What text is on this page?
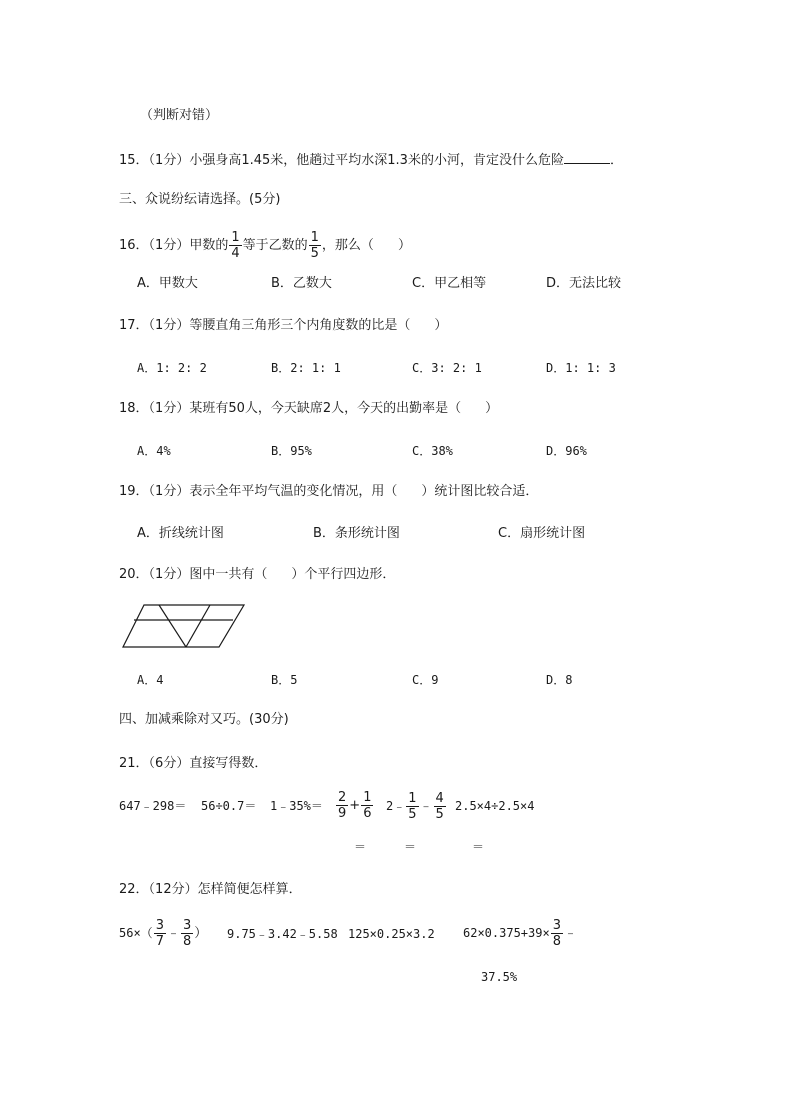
（判断对错）
15．（1分）小强身高1.45米，他趟过平均水深1.3米的小河，肯定没什么危险	．
三、众说纷纭请选择。(5分)
16．（1分）甲数的 $\frac{1}{4}$ 等于乙数的 $\frac{1}{5}$ ，那么（ ）
A．甲数大	B．乙数大	C．甲乙相等	D．无法比较
17．（1分）等腰直角三角形三个内角度数的比是（ ）
A．1: 2: 2	B．2: 1: 1	C．3: 2: 1	D．1: 1: 3
18．（1分）某班有50人，今天缺席2人，今天的出勤率是（ ）
A．4%	B．95%	C．38%	D．96%
19．（1分）表示全年平均气温的变化情况，用（ ）统计图比较合适．
A．折线统计图	B．条形统计图	C．扇形统计图
20．（1分）图中一共有（ ）个平行四边形．
A．4	B．5	C．9	D．8
四、加减乘除对又巧。(30分)
21．（6分）直接写得数．
647﹣298＝ 56÷0.7＝ 1﹣35%＝ $\frac{2}{9} + \frac{1}{6}$ 2﹣ $\frac{1}{5}$ ﹣ $\frac{4}{5} 2.5\times 4\div 2.5\times 4$
＝	＝	＝
22．（12分）怎样简便怎样算．
$56\times( \frac{3}{7}$ ﹣ $\frac{3}{8}$ ） 9.75﹣3.42﹣5.58 125×0.25×3.2 $62\times 0.375+39\times \frac{3}{8}$ ﹣
37.5%
